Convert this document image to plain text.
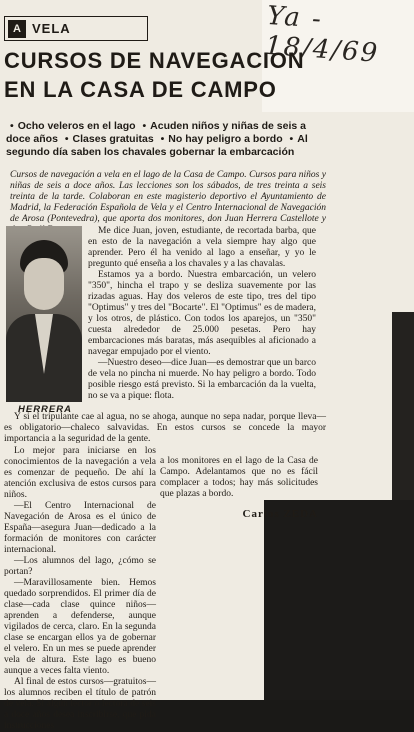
A VELA	Ya - 18/4/69
CURSOS DE NAVEGACION
EN LA CASA DE CAMPO
• Ocho veleros en el lago • Acuden niños y niñas de seis a doce años • Clases gratuitas • No hay peligro a bordo • Al segundo día saben los chavales gobernar la embarcación
Cursos de navegación a vela en el lago de la Casa de Campo. Cursos para niños y niñas de seis a doce años. Las lecciones son los sábados, de tres treinta a seis treinta de la tarde. Colaboran en este magisterio deportivo el Ayuntamiento de Madrid, la Federación Española de Vela y el Centro Internacional de Navegación de Arosa (Pontevedra), que aporta dos monitores, don Juan Herrera Castellote y
HERRERA

Me dice Juan, joven, estudiante, de recortada barba, que en esto de la navegación a vela siempre hay algo que aprender. Pero él ha venido al lago a enseñar, y yo le pregunto qué enseña a los chavales y a las chavalas.

Estamos ya a bordo. Nuestra embarcación, un velero "350", hincha el trapo y se desliza suavemente por las rizadas aguas. Hay dos veleros de este tipo, tres del tipo "Optimus" y tres del "Bocarte". El "Optimus" es de madera, y los otros, de plástico. Con todos los aparejos, un "350" cuesta alrededor de 25.000 pesetas. Pero hay embarcaciones más baratas, más asequibles al aficionado a navegar empujado por el viento.

—Nuestro deseo—dice Juan—es demostrar que un barco de vela no pincha ni muerde. No hay peligro a bordo. Todo posible riesgo está previsto. Si la embarcación da la vuelta, no se va a pique: flota.

Y si el tripulante cae al agua, no se ahoga, aunque no sepa nadar, porque lleva—es obligatorio—chaleco salvavidas. En estos cursos se concede la mayor importancia a la seguridad de la gente.

Lo mejor para iniciarse en los conocimientos de la navegación a vela es comenzar de pequeño. De ahí la atención exclusiva de estos cursos para niños.

—El Centro Internacional de Navegación de Arosa es el único de España—asegura Juan—dedicado a la formación de monitores con carácter internacional.

—Los alumnos del lago, ¿cómo se portan?

—Maravillosamente bien. Hemos quedado sorprendidos. El primer día de clase—cada clase quince niños—aprenden a defenderse, aunque vigilados de cerca, claro. En la segunda clase se encargan ellos ya de gobernar el velero. En un mes se puede aprender vela de altura. Este lago es bueno aunque a veces falta viento.

Al final de estos cursos—gratuitos—los alumnos reciben el título de patrón de vela. Si algún lector o lectora de seis a doce años desea inscribirse, que pida instrucciones

a los monitores en el lago de la Casa de Campo. Adelantamos que no es fácil complacer a todos; hay más solicitudes que plazas a bordo.

Carlos ZEDA
